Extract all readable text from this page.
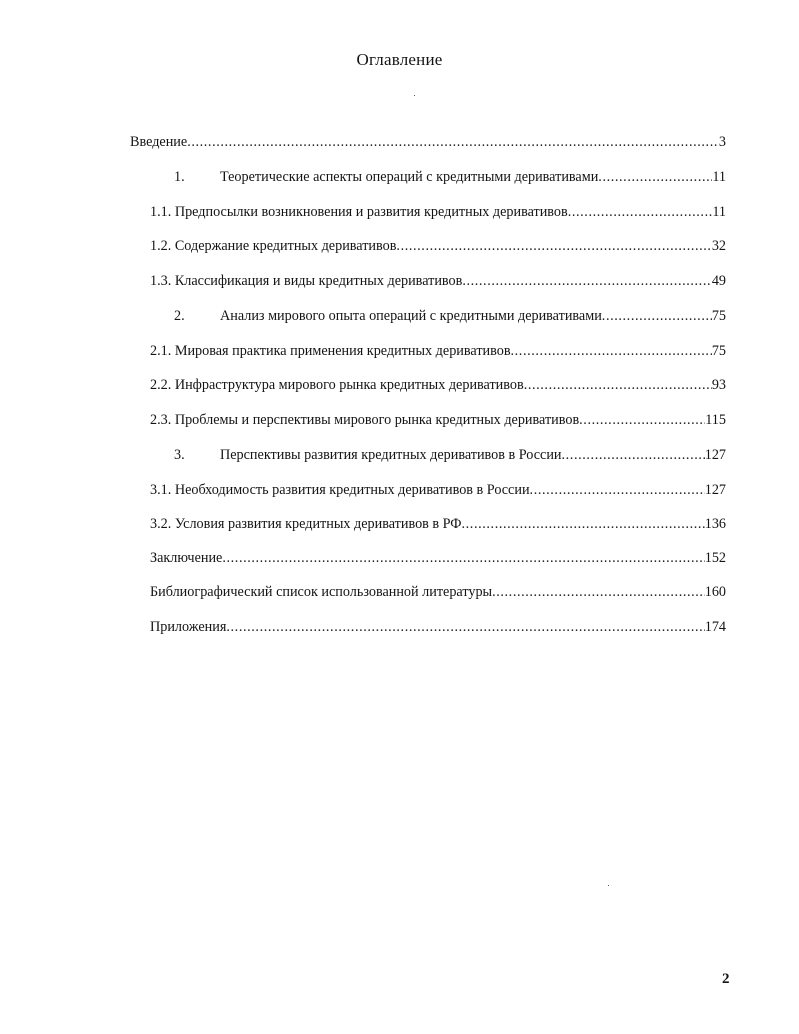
Оглавление
Введение .....	3
1.	Теоретические аспекты операций с кредитными деривативами .....	11
1.1. Предпосылки возникновения и развития кредитных деривативов .....	11
1.2. Содержание кредитных деривативов .....	32
1.3. Классификация и виды кредитных деривативов .....	49
2.	Анализ мирового опыта операций с кредитными деривативами .....	75
2.1. Мировая практика применения кредитных деривативов .....	75
2.2. Инфраструктура мирового рынка кредитных деривативов .....	93
2.3. Проблемы и перспективы мирового рынка кредитных деривативов .....	115
3.	Перспективы развития кредитных деривативов в России .....	127
3.1. Необходимость развития кредитных деривативов в России .....	127
3.2. Условия развития кредитных деривативов в РФ .....	136
Заключение .....	152
Библиографический список использованной литературы .....	160
Приложения .....	174
2
